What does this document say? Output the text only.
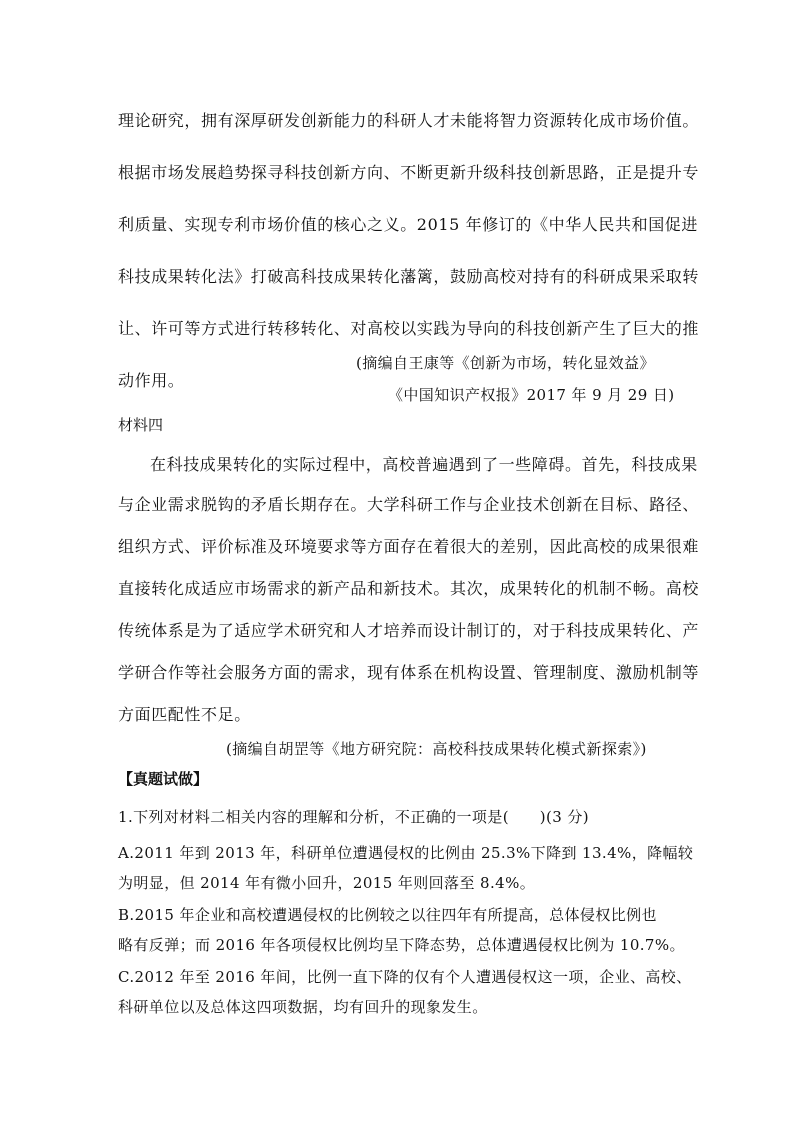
理论研究，拥有深厚研发创新能力的科研人才未能将智力资源转化成市场价值。
根据市场发展趋势探寻科技创新方向、不断更新升级科技创新思路，正是提升专
利质量、实现专利市场价值的核心之义。2015 年修订的《中华人民共和国促进
科技成果转化法》打破高科技成果转化藩篱，鼓励高校对持有的科研成果采取转
让、许可等方式进行转移转化、对高校以实践为导向的科技创新产生了巨大的推
动作用。
(摘编自王康等《创新为市场，转化显效益》
《中国知识产权报》2017 年 9 月 29 日)
材料四
在科技成果转化的实际过程中，高校普遍遇到了一些障碍。首先，科技成果
与企业需求脱钩的矛盾长期存在。大学科研工作与企业技术创新在目标、路径、
组织方式、评价标准及环境要求等方面存在着很大的差别，因此高校的成果很难
直接转化成适应市场需求的新产品和新技术。其次，成果转化的机制不畅。高校
传统体系是为了适应学术研究和人才培养而设计制订的，对于科技成果转化、产
学研合作等社会服务方面的需求，现有体系在机构设置、管理制度、激励机制等
方面匹配性不足。
(摘编自胡罡等《地方研究院：高校科技成果转化模式新探索》)
【真题试做】
1.下列对材料二相关内容的理解和分析，不正确的一项是(　　)(3 分)
A.2011 年到 2013 年，科研单位遭遇侵权的比例由 25.3%下降到 13.4%，降幅较
为明显，但 2014 年有微小回升，2015 年则回落至 8.4%。
B.2015 年企业和高校遭遇侵权的比例较之以往四年有所提高，总体侵权比例也
略有反弹；而 2016 年各项侵权比例均呈下降态势，总体遭遇侵权比例为 10.7%。
C.2012 年至 2016 年间，比例一直下降的仅有个人遭遇侵权这一项，企业、高校、
科研单位以及总体这四项数据，均有回升的现象发生。
